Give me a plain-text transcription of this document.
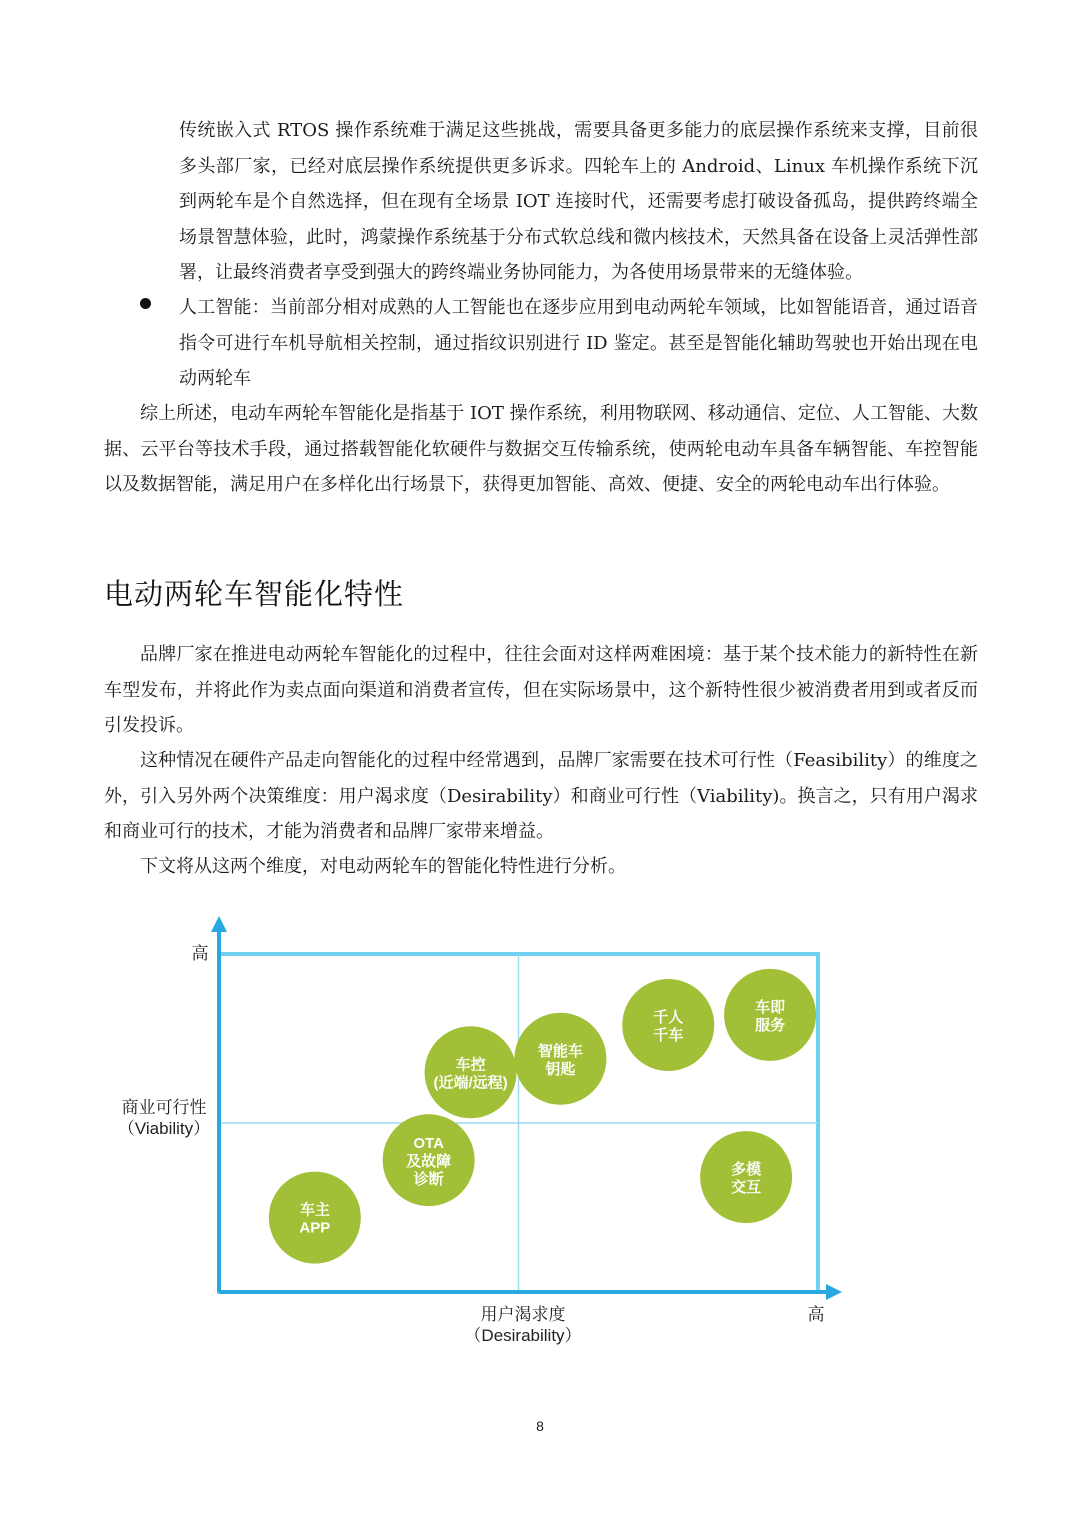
传统嵌入式 RTOS 操作系统难于满足这些挑战，需要具备更多能力的底层操作系统来支撑，目前很多头部厂家，已经对底层操作系统提供更多诉求。四轮车上的 Android、Linux 车机操作系统下沉到两轮车是个自然选择，但在现有全场景 IOT 连接时代，还需要考虑打破设备孤岛，提供跨终端全场景智慧体验，此时，鸿蒙操作系统基于分布式软总线和微内核技术，天然具备在设备上灵活弹性部署，让最终消费者享受到强大的跨终端业务协同能力，为各使用场景带来的无缝体验。

人工智能：当前部分相对成熟的人工智能也在逐步应用到电动两轮车领域，比如智能语音，通过语音指令可进行车机导航相关控制，通过指纹识别进行 ID 鉴定。甚至是智能化辅助驾驶也开始出现在电动两轮车

综上所述，电动车两轮车智能化是指基于 IOT 操作系统，利用物联网、移动通信、定位、人工智能、大数据、云平台等技术手段，通过搭载智能化软硬件与数据交互传输系统，使两轮电动车具备车辆智能、车控智能以及数据智能，满足用户在多样化出行场景下，获得更加智能、高效、便捷、安全的两轮电动车出行体验。

电动两轮车智能化特性

品牌厂家在推进电动两轮车智能化的过程中，往往会面对这样两难困境：基于某个技术能力的新特性在新车型发布，并将此作为卖点面向渠道和消费者宣传，但在实际场景中，这个新特性很少被消费者用到或者反而引发投诉。

这种情况在硬件产品走向智能化的过程中经常遇到，品牌厂家需要在技术可行性（Feasibility）的维度之外，引入另外两个决策维度：用户渴求度（Desirability）和商业可行性（Viability)。换言之，只有用户渴求和商业可行的技术，才能为消费者和品牌厂家带来增益。

下文将从这两个维度，对电动两轮车的智能化特性进行分析。

高
高
商业可行性
（Viability）
用户渴求度
（Desirability）
车主
APP
OTA
及故障
诊断
车控
(近端/远程)
智能车
钥匙
千人
千车
车即
服务
多模
交互
8
